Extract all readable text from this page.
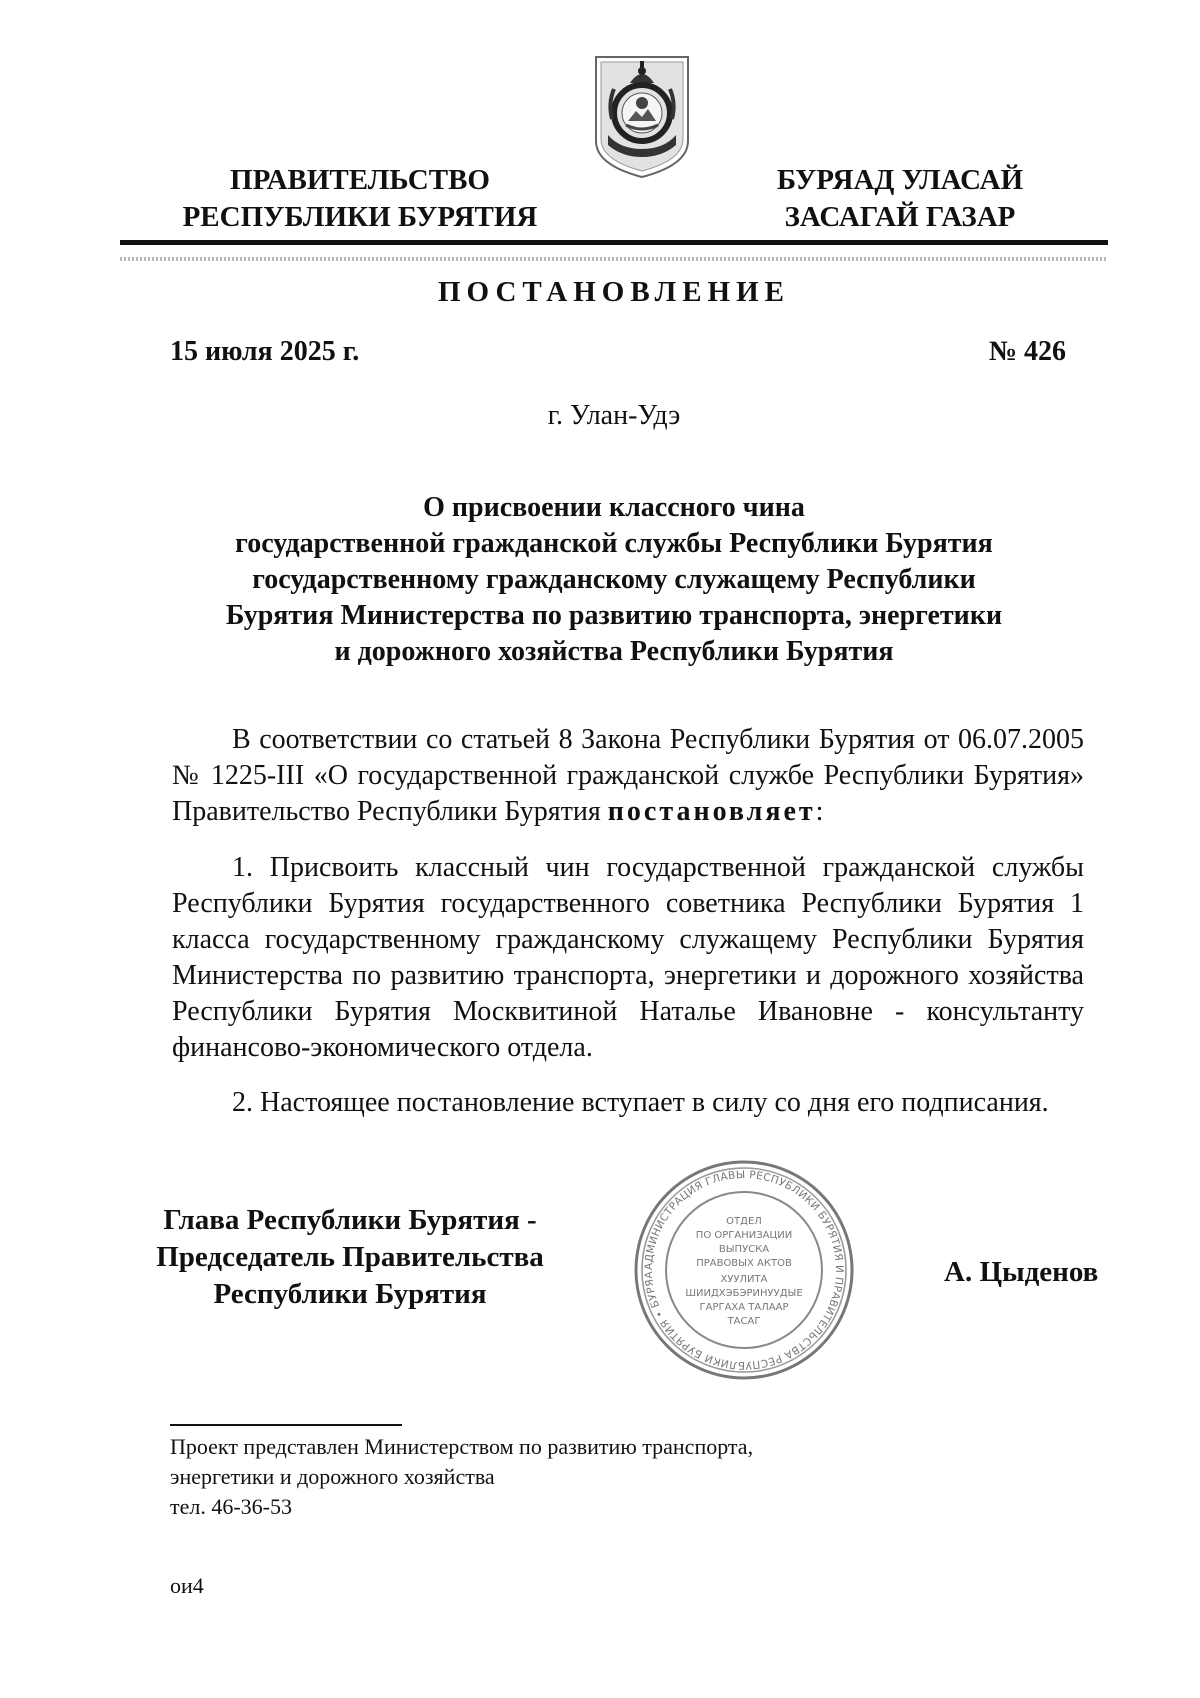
ПРАВИТЕЛЬСТВО
РЕСПУБЛИКИ БУРЯТИЯ
БУРЯАД УЛАСАЙ
ЗАСАГАЙ ГАЗАР
ПОСТАНОВЛЕНИЕ
15 июля 2025 г.	№ 426
г. Улан-Удэ
О присвоении классного чина
государственной гражданской службы Республики Бурятия
государственному гражданскому служащему Республики
Бурятия Министерства по развитию транспорта, энергетики
и дорожного хозяйства Республики Бурятия
В соответствии со статьей 8 Закона Республики Бурятия от 06.07.2005 № 1225-III «О государственной гражданской службе Республики Бурятия» Правительство Республики Бурятия постановляет:
1. Присвоить классный чин государственной гражданской службы Республики Бурятия государственного советника Республики Бурятия 1 класса государственному гражданскому служащему Республики Бурятия Министерства по развитию транспорта, энергетики и дорожного хозяйства Республики Бурятия Москвитиной Наталье Ивановне - консультанту финансово-экономического отдела.
2. Настоящее постановление вступает в силу со дня его подписания.
Глава Республики Бурятия -
Председатель Правительства
Республики Бурятия
АДМИНИСТРАЦИЯ ГЛАВЫ РЕСПУБЛИКИ БУРЯТИЯ И ПРАВИТЕЛЬСТВА РЕСПУБЛИКИ БУРЯТИЯ • БУРЯА
ОТДЕЛ
ПО ОРГАНИЗАЦИИ
ВЫПУСКА
ПРАВОВЫХ АКТОВ
ХУУЛИТА
ШИИДХЭБЭРИНУУДЫЕ
ГАРГАХА ТАЛААР
ТАСАГ
А. Цыденов
Проект представлен Министерством по развитию транспорта,
энергетики и дорожного хозяйства
тел. 46-36-53
ои4
